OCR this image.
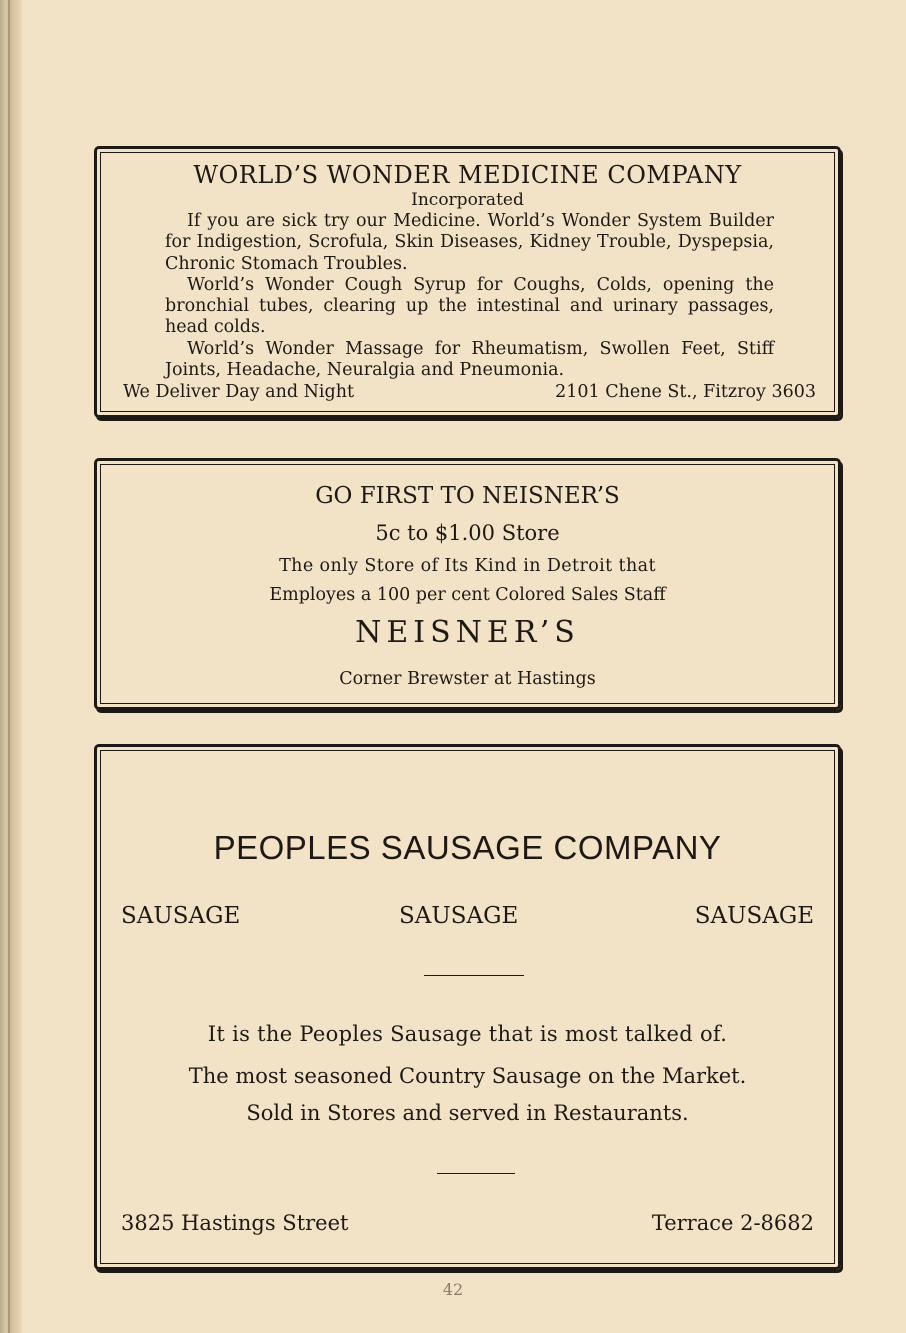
WORLD’S WONDER MEDICINE COMPANY
Incorporated

If you are sick try our Medicine. World’s Wonder System Builder for Indigestion, Scrofula, Skin Diseases, Kidney Trouble, Dyspepsia, Chronic Stomach Troubles.

World’s Wonder Cough Syrup for Coughs, Colds, opening the bronchial tubes, clearing up the intestinal and urinary passages, head colds.

World’s Wonder Massage for Rheumatism, Swollen Feet, Stiff Joints, Headache, Neuralgia and Pneumonia.

We Deliver Day and Night	2101 Chene St., Fitzroy 3603
GO FIRST TO NEISNER’S
5c to $1.00 Store
The only Store of Its Kind in Detroit that
Employes a 100 per cent Colored Sales Staff
NEISNER’S
Corner Brewster at Hastings
PEOPLES SAUSAGE COMPANY
SAUSAGE	SAUSAGE	SAUSAGE
It is the Peoples Sausage that is most talked of.
The most seasoned Country Sausage on the Market.
Sold in Stores and served in Restaurants.
3825 Hastings Street	Terrace 2-8682
42
